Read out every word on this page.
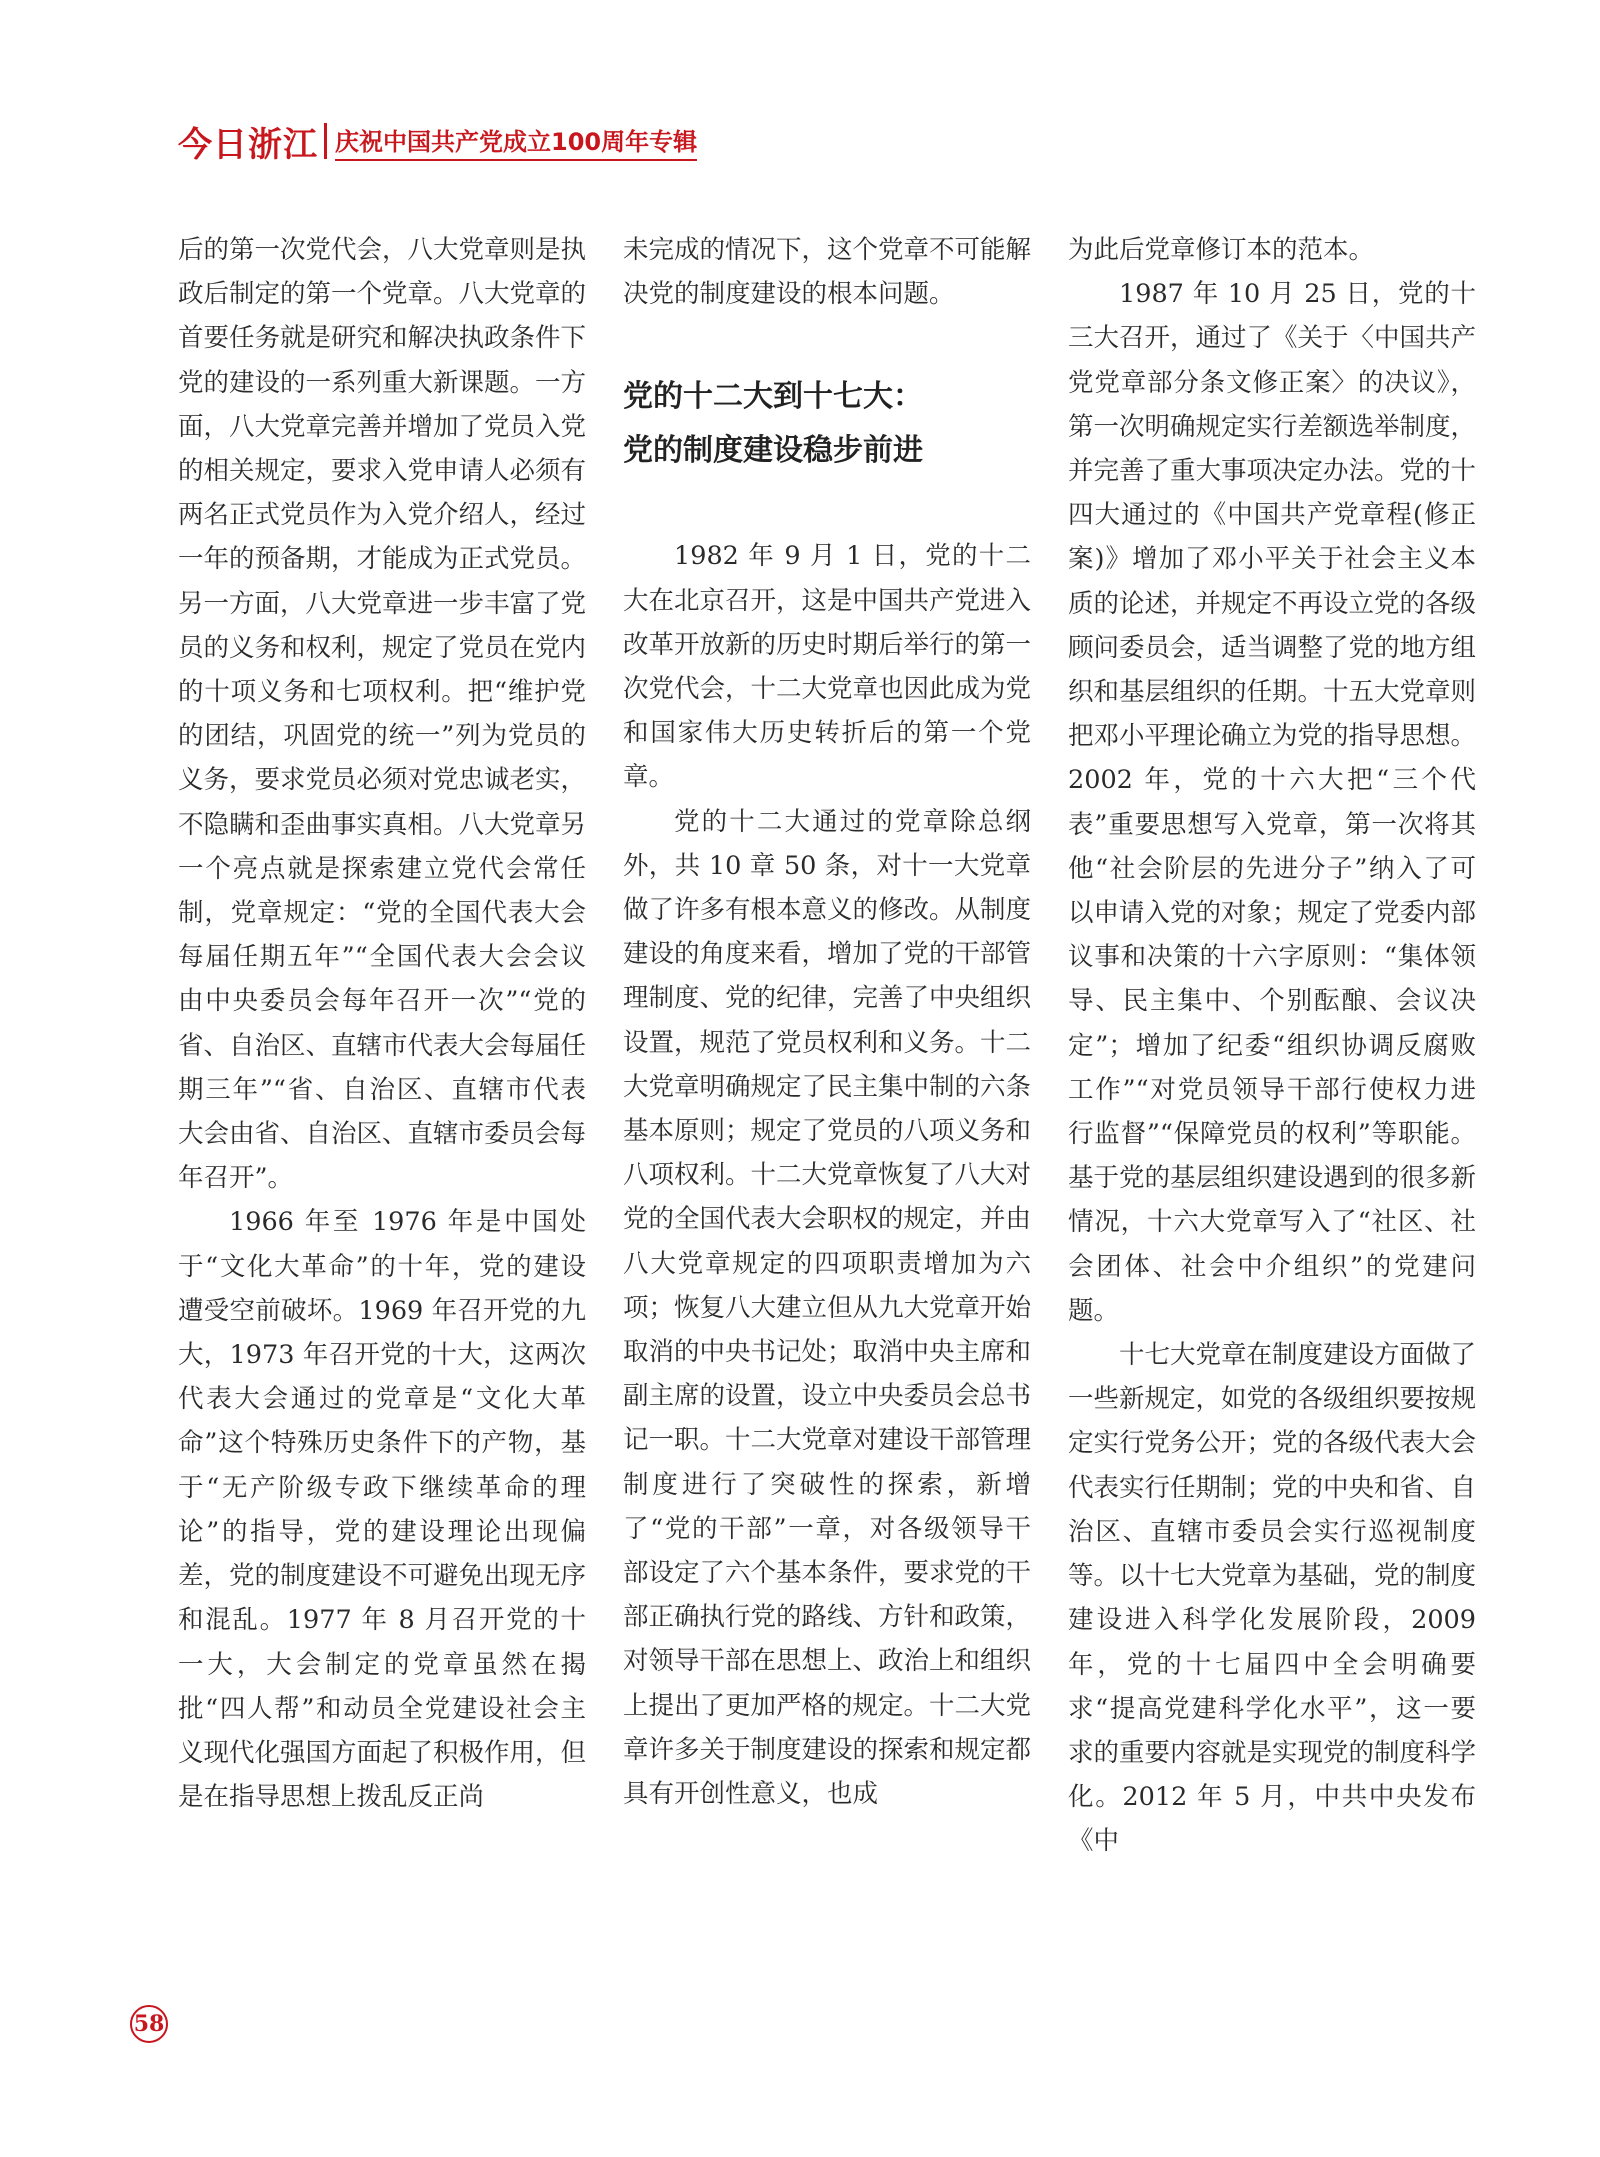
今日浙江 庆祝中国共产党成立100周年专辑

后的第一次党代会，八大党章则是执政后制定的第一个党章。八大党章的首要任务就是研究和解决执政条件下党的建设的一系列重大新课题。一方面，八大党章完善并增加了党员入党的相关规定，要求入党申请人必须有两名正式党员作为入党介绍人，经过一年的预备期，才能成为正式党员。另一方面，八大党章进一步丰富了党员的义务和权利，规定了党员在党内的十项义务和七项权利。把“维护党的团结，巩固党的统一”列为党员的义务，要求党员必须对党忠诚老实，不隐瞒和歪曲事实真相。八大党章另一个亮点就是探索建立党代会常任制，党章规定：“党的全国代表大会每届任期五年”“全国代表大会会议由中央委员会每年召开一次”“党的省、自治区、直辖市代表大会每届任期三年”“省、自治区、直辖市代表大会由省、自治区、直辖市委员会每年召开”。

1966 年至 1976 年是中国处于“文化大革命”的十年，党的建设遭受空前破坏。1969 年召开党的九大，1973 年召开党的十大，这两次代表大会通过的党章是“文化大革命”这个特殊历史条件下的产物，基于“无产阶级专政下继续革命的理论”的指导，党的建设理论出现偏差，党的制度建设不可避免出现无序和混乱。1977 年 8 月召开党的十一大，大会制定的党章虽然在揭批“四人帮”和动员全党建设社会主义现代化强国方面起了积极作用，但是在指导思想上拨乱反正尚

未完成的情况下，这个党章不可能解决党的制度建设的根本问题。

党的十二大到十七大：
党的制度建设稳步前进

1982 年 9 月 1 日，党的十二大在北京召开，这是中国共产党进入改革开放新的历史时期后举行的第一次党代会，十二大党章也因此成为党和国家伟大历史转折后的第一个党章。

党的十二大通过的党章除总纲外，共 10 章 50 条，对十一大党章做了许多有根本意义的修改。从制度建设的角度来看，增加了党的干部管理制度、党的纪律，完善了中央组织设置，规范了党员权利和义务。十二大党章明确规定了民主集中制的六条基本原则；规定了党员的八项义务和八项权利。十二大党章恢复了八大对党的全国代表大会职权的规定，并由八大党章规定的四项职责增加为六项；恢复八大建立但从九大党章开始取消的中央书记处；取消中央主席和副主席的设置，设立中央委员会总书记一职。十二大党章对建设干部管理制度进行了突破性的探索，新增了“党的干部”一章，对各级领导干部设定了六个基本条件，要求党的干部正确执行党的路线、方针和政策，对领导干部在思想上、政治上和组织上提出了更加严格的规定。十二大党章许多关于制度建设的探索和规定都具有开创性意义，也成

为此后党章修订本的范本。

1987 年 10 月 25 日，党的十三大召开，通过了《关于〈中国共产党党章部分条文修正案〉的决议》，第一次明确规定实行差额选举制度，并完善了重大事项决定办法。党的十四大通过的《中国共产党章程(修正案)》增加了邓小平关于社会主义本质的论述，并规定不再设立党的各级顾问委员会，适当调整了党的地方组织和基层组织的任期。十五大党章则把邓小平理论确立为党的指导思想。2002 年，党的十六大把“三个代表”重要思想写入党章，第一次将其他“社会阶层的先进分子”纳入了可以申请入党的对象；规定了党委内部议事和决策的十六字原则：“集体领导、民主集中、个别酝酿、会议决定”；增加了纪委“组织协调反腐败工作”“对党员领导干部行使权力进行监督”“保障党员的权利”等职能。基于党的基层组织建设遇到的很多新情况，十六大党章写入了“社区、社会团体、社会中介组织”的党建问题。

十七大党章在制度建设方面做了一些新规定，如党的各级组织要按规定实行党务公开；党的各级代表大会代表实行任期制；党的中央和省、自治区、直辖市委员会实行巡视制度等。以十七大党章为基础，党的制度建设进入科学化发展阶段，2009 年，党的十七届四中全会明确要求“提高党建科学化水平”，这一要求的重要内容就是实现党的制度科学化。2012 年 5 月，中共中央发布《中

58
